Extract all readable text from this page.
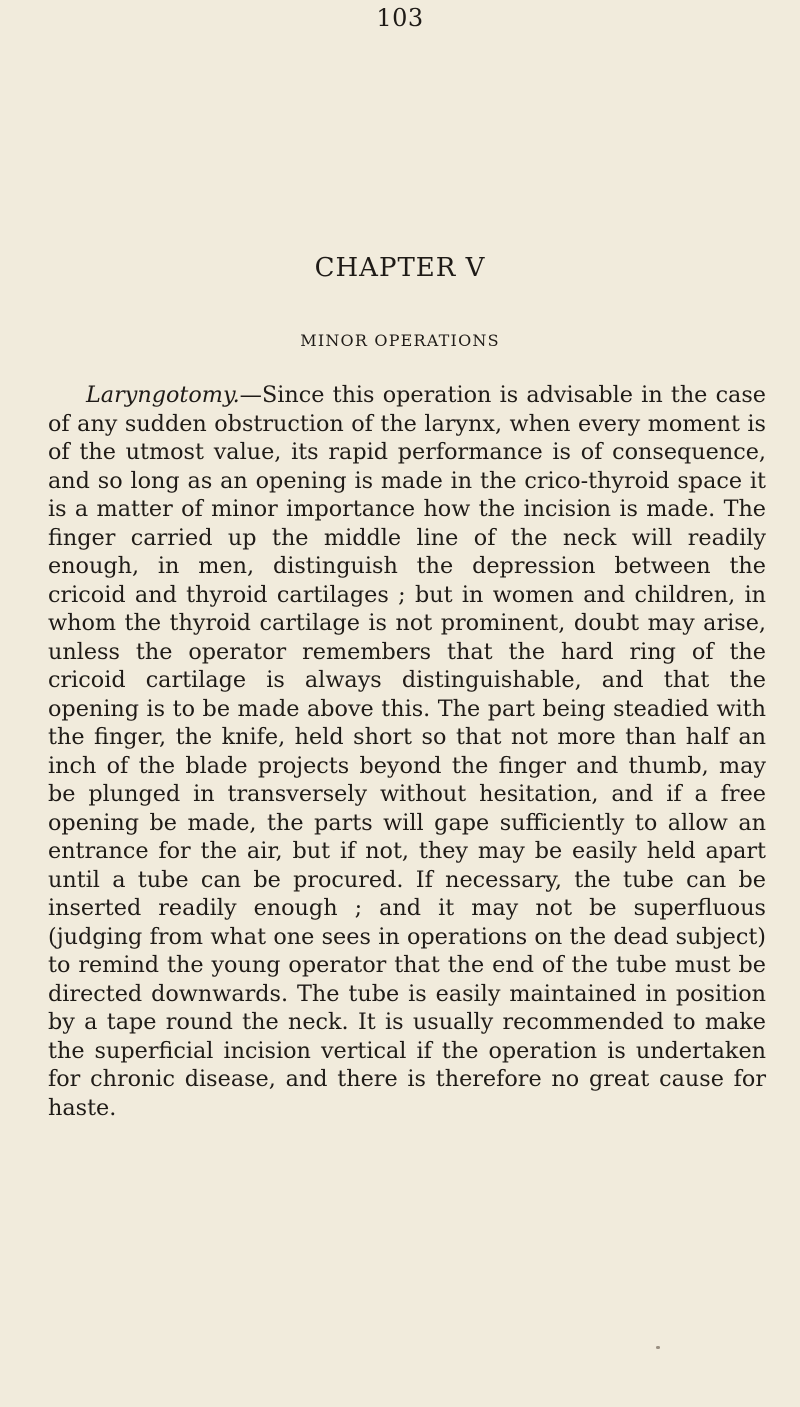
103
CHAPTER V
MINOR OPERATIONS

Laryngotomy.—Since this operation is advisable in the case of any sudden obstruction of the larynx, when every moment is of the utmost value, its rapid performance is of consequence, and so long as an opening is made in the crico-thyroid space it is a matter of minor importance how the incision is made. The finger carried up the middle line of the neck will readily enough, in men, distinguish the depression between the cricoid and thyroid cartilages ; but in women and children, in whom the thyroid cartilage is not prominent, doubt may arise, unless the operator remembers that the hard ring of the cricoid cartilage is always distinguishable, and that the opening is to be made above this. The part being steadied with the finger, the knife, held short so that not more than half an inch of the blade projects beyond the finger and thumb, may be plunged in transversely without hesitation, and if a free opening be made, the parts will gape sufficiently to allow an entrance for the air, but if not, they may be easily held apart until a tube can be procured. If necessary, the tube can be inserted readily enough ; and it may not be superfluous (judging from what one sees in operations on the dead subject) to remind the young operator that the end of the tube must be directed downwards. The tube is easily maintained in position by a tape round the neck. It is usually recommended to make the superficial incision vertical if the operation is undertaken for chronic disease, and there is therefore no great cause for haste.
